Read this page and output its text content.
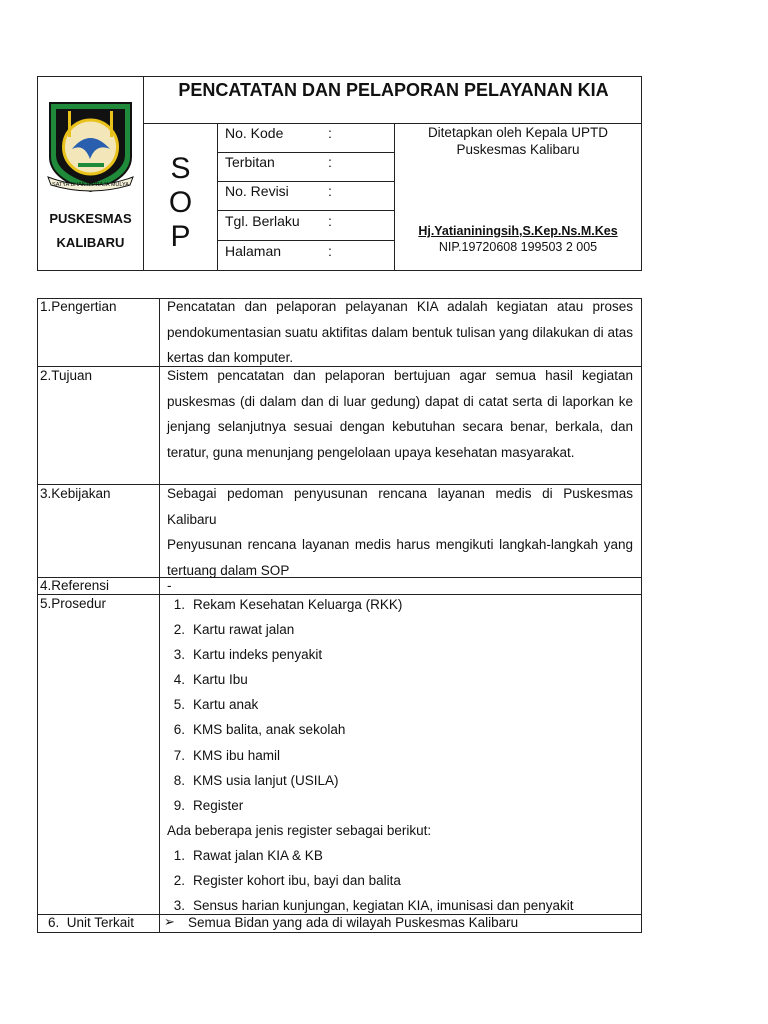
SATYA BHAKTI PRAJA MULYA
PUSKESMAS
KALIBARU
PENCATATAN DAN PELAPORAN PELAYANAN KIA
S
O
P
No. Kode	:
Terbitan	:
No. Revisi	:
Tgl. Berlaku :
Halaman	:
Ditetapkan oleh Kepala UPTD
Puskesmas Kalibaru
Hj.Yatianiningsih,S.Kep.Ns.M.Kes
NIP.19720608 199503 2 005
1.Pengertian	Pencatatan dan pelaporan pelayanan KIA adalah kegiatan atau proses pendokumentasian suatu aktifitas dalam bentuk tulisan yang dilakukan di atas kertas dan komputer.
2.Tujuan	Sistem pencatatan dan pelaporan bertujuan agar semua hasil kegiatan puskesmas (di dalam dan di luar gedung) dapat di catat serta di laporkan ke jenjang selanjutnya sesuai dengan kebutuhan secara benar, berkala, dan teratur, guna menunjang pengelolaan upaya kesehatan masyarakat.
3.Kebijakan	Sebagai pedoman penyusunan rencana layanan medis di Puskesmas Kalibaru
Penyusunan rencana layanan medis harus mengikuti langkah-langkah yang tertuang dalam SOP
4.Referensi	-
5.Prosedur	1. Rekam Kesehatan Keluarga (RKK)
2. Kartu rawat jalan
3. Kartu indeks penyakit
4. Kartu Ibu
5. Kartu anak
6. KMS balita, anak sekolah
7. KMS ibu hamil
8. KMS usia lanjut (USILA)
9. Register
Ada beberapa jenis register sebagai berikut:
1. Rawat jalan KIA & KB
2. Register kohort ibu, bayi dan balita
3. Sensus harian kunjungan, kegiatan KIA, imunisasi dan penyakit
6.  Unit Terkait ➢ Semua Bidan yang ada di wilayah Puskesmas Kalibaru
